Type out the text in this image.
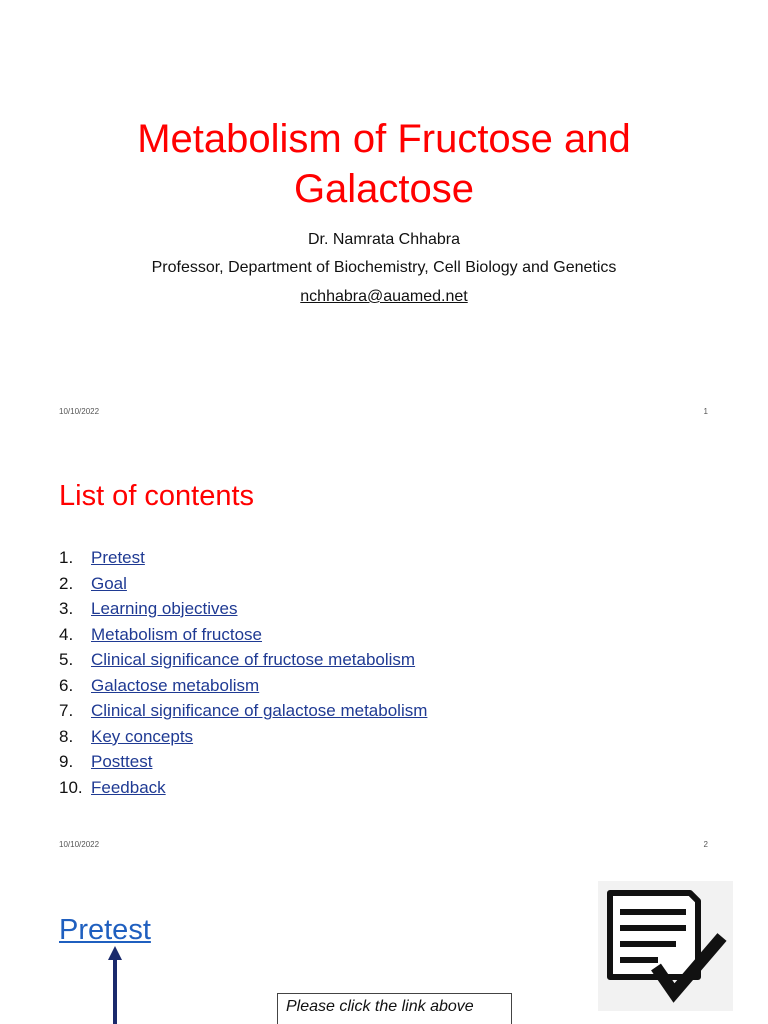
Metabolism of Fructose and
Galactose
Dr. Namrata Chhabra
Professor, Department of Biochemistry, Cell Biology and Genetics
nchhabra@auamed.net
10/10/2022	1
List of contents
1. Pretest
2. Goal
3. Learning objectives
4. Metabolism of fructose
5. Clinical significance of fructose metabolism
6. Galactose metabolism
7. Clinical significance of galactose metabolism
8. Key concepts
9. Posttest
10. Feedback
10/10/2022	2
Pretest
Please click the link above
